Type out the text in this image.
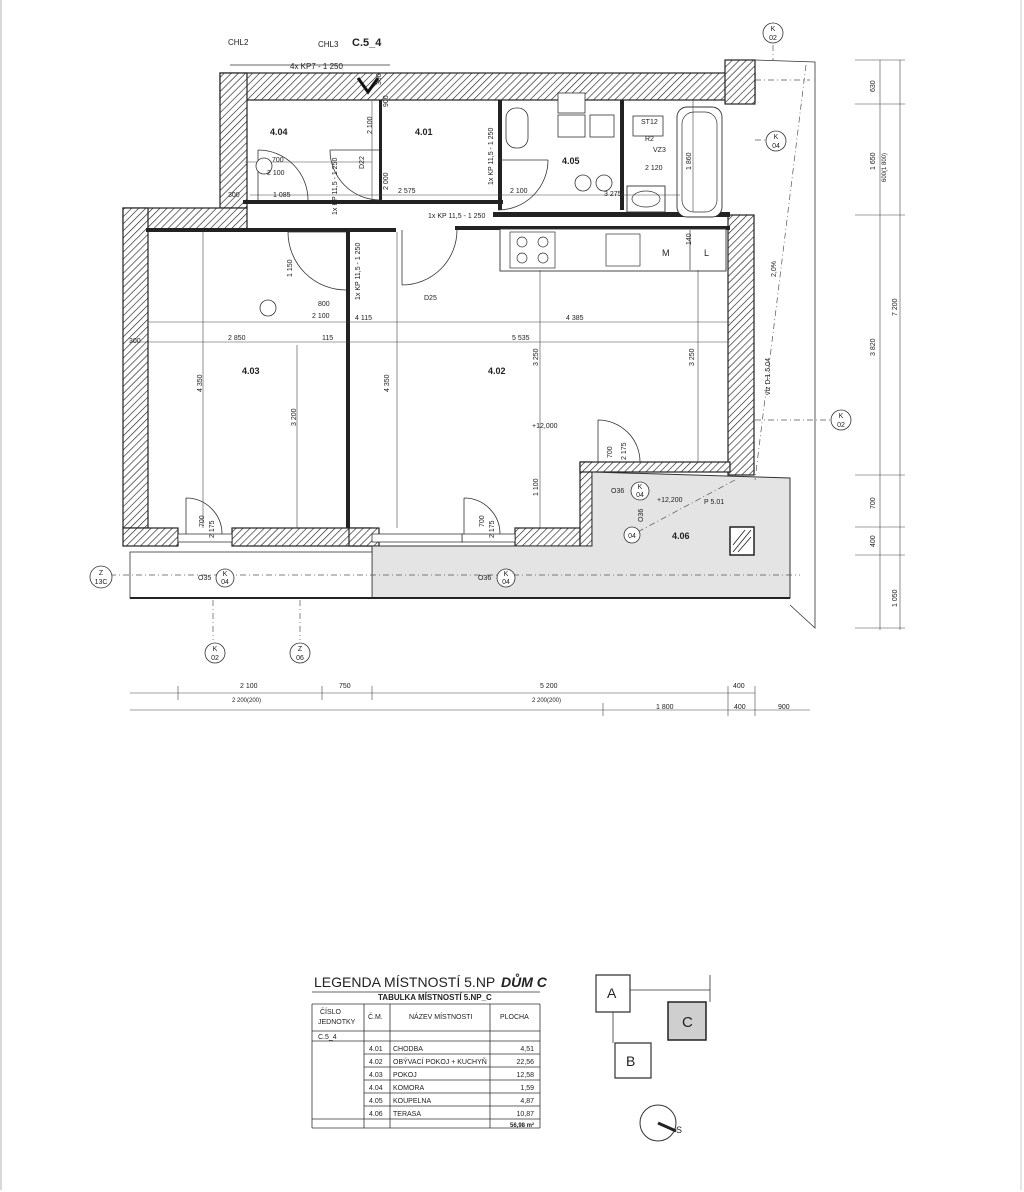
K
02
K
04
K
02
Z
13C
K
02
Z
06
K
04
K
04
K
04
04
C.5_4
CHL2	CHL3
4x KP7 - 1 250
4.04	4.01
4.05
4.03	4.02
4.06
D22
D25
O35	O36
O36
O36
+12,000
+12,200
1x KP 11,5 - 1 250
1x KP 11,5 - 1 250
1x KP 11,5 - 1 250
1x KP 11,5 - 1 250
viz D.1.5.04
2,0%
P 5.01
ST12
R2
VZ3
M	L
2 100	750	5 200	400
2 200(200)	2 200(200)
1 800	400	900
630
1 650 600(1 800)
7 200
3 820
700
400
1 050
2 850	115	5 535
4 385
4 115
4 350
3 200
4 350
3 250	3 250
1 100
2 575
2 000
2 100
2 120
3 275
1 860
1 085
700
2 100
800
2 100
1 150
900
2 100
700 2 175	700 2 175
700 2 175
140
300
300
300
LEGENDA MÍSTNOSTÍ 5.NP DŮM C
TABULKA MÍSTNOSTÍ 5.NP_C
ČÍSLO
JEDNOTKY
Č.M.	NÁZEV MÍSTNOSTI	PLOCHA
C.5_4
4.01 CHODBA	4,51
4.02 OBÝVACÍ POKOJ + KUCHYŇ	22,56
4.03 POKOJ	12,58
4.04 KOMORA	1,59
4.05 KOUPELNA	4,87
4.06 TERASA	10,87
56,98 m²
A
C
B
S
